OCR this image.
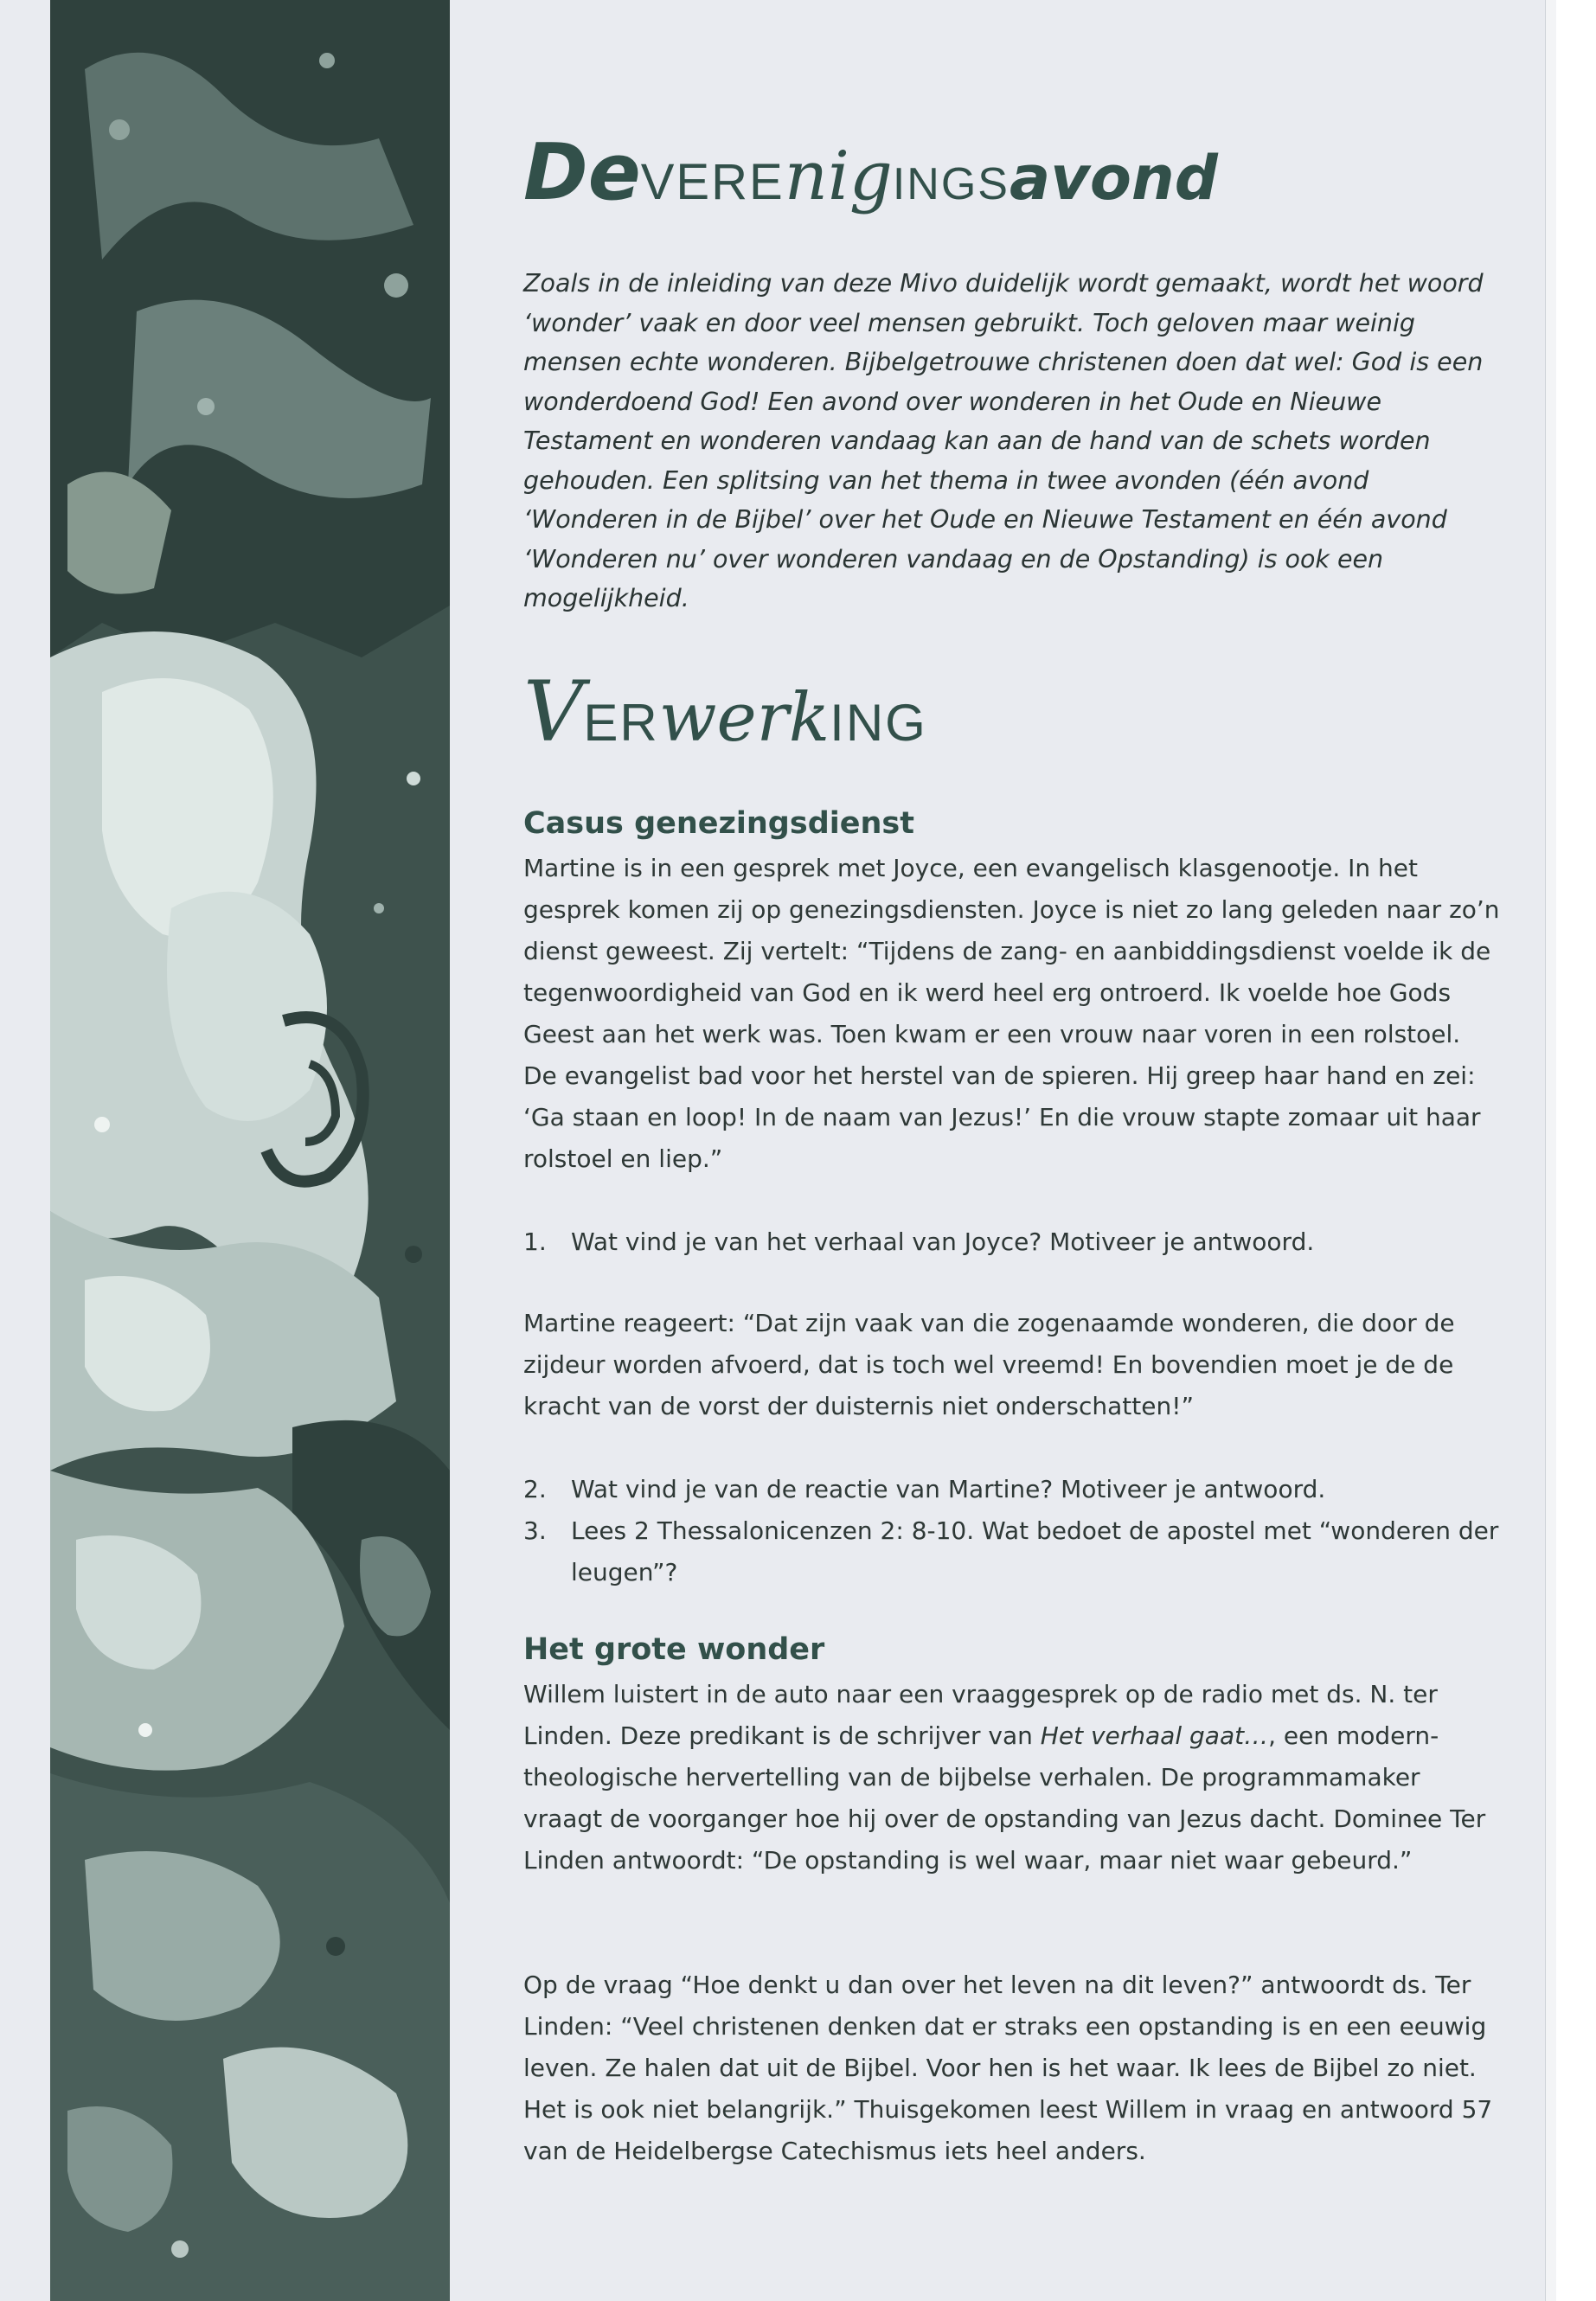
DeVEREnigINGSavond

Zoals in de inleiding van deze Mivo duidelijk wordt gemaakt, wordt het woord ‘wonder’ vaak en door veel mensen gebruikt. Toch geloven maar weinig mensen echte wonderen. Bijbelgetrouwe christenen doen dat wel: God is een wonderdoend God! Een avond over wonderen in het Oude en Nieuwe Testament en wonderen vandaag kan aan de hand van de schets worden gehouden. Een splitsing van het thema in twee avonden (één avond ‘Wonderen in de Bijbel’ over het Oude en Nieuwe Testament en één avond ‘Wonderen nu’ over wonderen vandaag en de Opstanding) is ook een mogelijkheid.

VERwerkING
Casus genezingsdienst

Martine is in een gesprek met Joyce, een evangelisch klasgenootje. In het gesprek komen zij op genezingsdiensten. Joyce is niet zo lang geleden naar zo’n dienst geweest. Zij vertelt: “Tijdens de zang- en aanbiddingsdienst voelde ik de tegenwoordigheid van God en ik werd heel erg ontroerd. Ik voelde hoe Gods Geest aan het werk was. Toen kwam er een vrouw naar voren in een rolstoel. De evangelist bad voor het herstel van de spieren. Hij greep haar hand en zei: ‘Ga staan en loop! In de naam van Jezus!’ En die vrouw stapte zomaar uit haar rolstoel en liep.”

1.	Wat vind je van het verhaal van Joyce? Motiveer je antwoord.

Martine reageert: “Dat zijn vaak van die zogenaamde wonderen, die door de zijdeur worden afvoerd, dat is toch wel vreemd! En bovendien moet je de de kracht van de vorst der duisternis niet onderschatten!”

2.	Wat vind je van de reactie van Martine? Motiveer je antwoord.
3.	Lees 2 Thessalonicenzen 2: 8-10. Wat bedoet de apostel met “wonderen der leugen”?
Het grote wonder

Willem luistert in de auto naar een vraaggesprek op de radio met ds. N. ter Linden. Deze predikant is de schrijver van Het verhaal gaat…, een modern-theologische hervertelling van de bijbelse verhalen. De programmamaker vraagt de voorganger hoe hij over de opstanding van Jezus dacht. Dominee Ter Linden antwoordt: “De opstanding is wel waar, maar niet waar gebeurd.”

Op de vraag “Hoe denkt u dan over het leven na dit leven?” antwoordt ds. Ter Linden: “Veel christenen denken dat er straks een opstanding is en een eeuwig leven. Ze halen dat uit de Bijbel. Voor hen is het waar. Ik lees de Bijbel zo niet. Het is ook niet belangrijk.” Thuisgekomen leest Willem in vraag en antwoord 57 van de Heidelbergse Catechismus iets heel anders.
